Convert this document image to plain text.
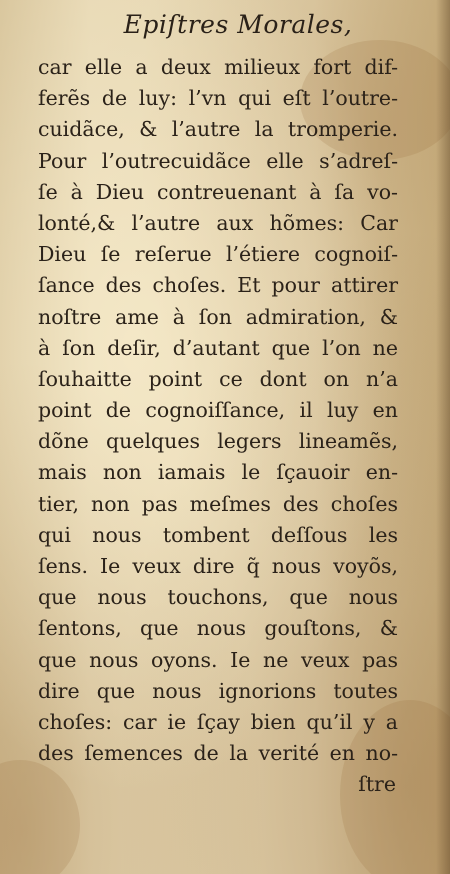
Epiſtres Morales,
car elle a deux milieux fort dif-
ferẽs de luy: l’vn qui eſt l’outre-
cuidãce, & l’autre la tromperie.
Pour l’outrecuidãce elle s’adreſ-
ſe à Dieu contreuenant à ſa vo-
lonté,& l’autre aux hõmes: Car
Dieu ſe reſerue l’étiere cognoiſ-
ſance des choſes. Et pour attirer
noſtre ame à ſon admiration, &
à ſon deſir, d’autant que l’on ne
ſouhaitte point ce dont on n’a
point de cognoiſſance, il luy en
dõne quelques legers lineamẽs,
mais non iamais le ſçauoir en-
tier, non pas meſmes des choſes
qui nous tombent deſſous les
ſens. Ie veux dire q̃ nous voyõs,
que nous touchons, que nous
ſentons, que nous gouſtons, &
que nous oyons. Ie ne veux pas
dire que nous ignorions toutes
choſes: car ie ſçay bien qu’il y a
des ſemences de la verité en no-
ſtre
